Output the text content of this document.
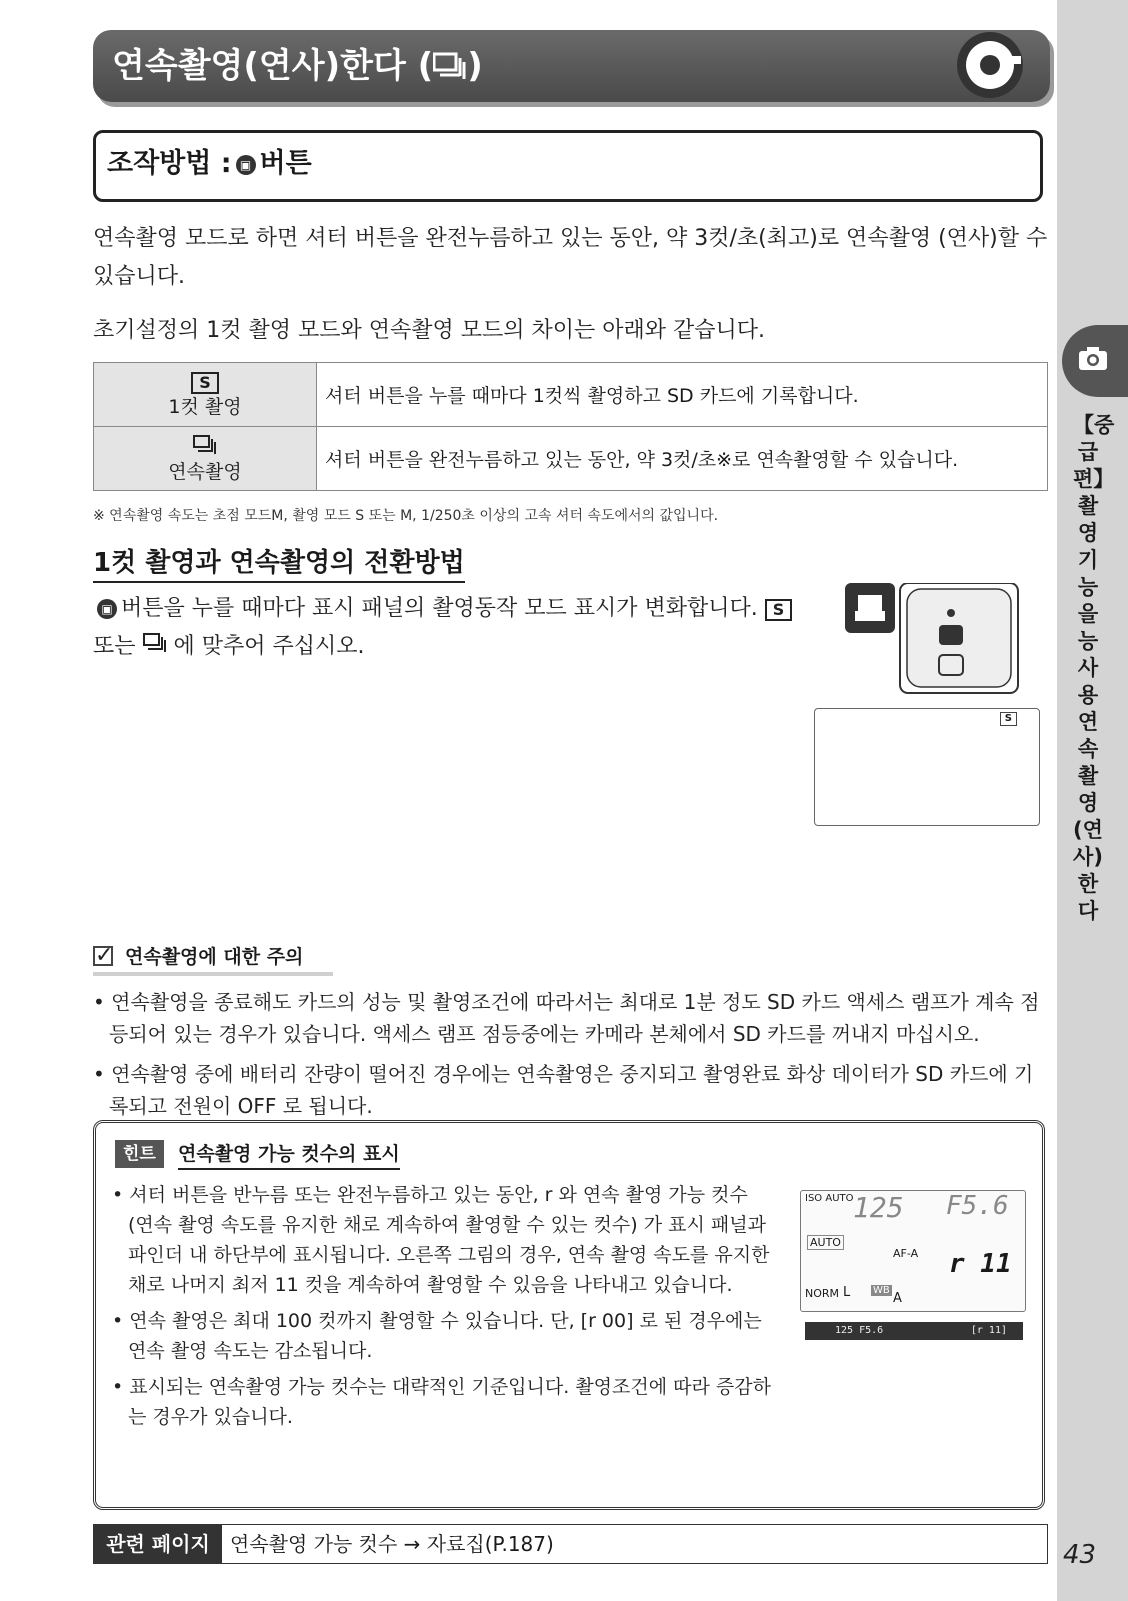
연속촬영(연사)한다 ( )
조작방법 : ▣ 버튼
연속촬영 모드로 하면 셔터 버튼을 완전누름하고 있는 동안, 약 3컷/초(최고)로 연속촬영 (연사)할 수 있습니다.
초기설정의 1컷 촬영 모드와 연속촬영 모드의 차이는 아래와 같습니다.
S
1컷 촬영	셔터 버튼을 누를 때마다 1컷씩 촬영하고 SD 카드에 기록합니다.

연속촬영	셔터 버튼을 완전누름하고 있는 동안, 약 3컷/초※로 연속촬영할 수 있습니다.
※ 연속촬영 속도는 초점 모드M, 촬영 모드 S 또는 M, 1/250초 이상의 고속 셔터 속도에서의 값입니다.
1컷 촬영과 연속촬영의 전환방법
▣ 버튼을 누를 때마다 표시 패널의 촬영동작 모드 표시가 변화합니다. S 또는 에 맞추어 주십시오.
S
✓연속촬영에 대한 주의
• 연속촬영을 종료해도 카드의 성능 및 촬영조건에 따라서는 최대로 1분 정도 SD 카드 액세스 램프가 계속 점등되어 있는 경우가 있습니다. 액세스 램프 점등중에는 카메라 본체에서 SD 카드를 꺼내지 마십시오.
• 연속촬영 중에 배터리 잔량이 떨어진 경우에는 연속촬영은 중지되고 촬영완료 화상 데이터가 SD 카드에 기록되고 전원이 OFF 로 됩니다.
힌트	연속촬영 가능 컷수의 표시
• 셔터 버튼을 반누름 또는 완전누름하고 있는 동안, r 와 연속 촬영 가능 컷수(연속 촬영 속도를 유지한 채로 계속하여 촬영할 수 있는 컷수) 가 표시 패널과 파인더 내 하단부에 표시됩니다. 오른쪽 그림의 경우, 연속 촬영 속도를 유지한 채로 나머지 최저 11 컷을 계속하여 촬영할 수 있음을 나타내고 있습니다.
• 연속 촬영은 최대 100 컷까지 촬영할 수 있습니다. 단, [r 00] 로 된 경우에는 연속 촬영 속도는 감소됩니다.
• 표시되는 연속촬영 가능 컷수는 대략적인 기준입니다. 촬영조건에 따라 증감하는 경우가 있습니다.
ISO AUTO 125 F5.6
AUTO
AF-A r 11
NORM L WB
A
125 F5.6	[r 11]
관련 페이지	연속촬영 가능 컷수 → 자료집(P.187)
【중급편】촬영기능을 능 사용 연속촬영(연사)한다
43
